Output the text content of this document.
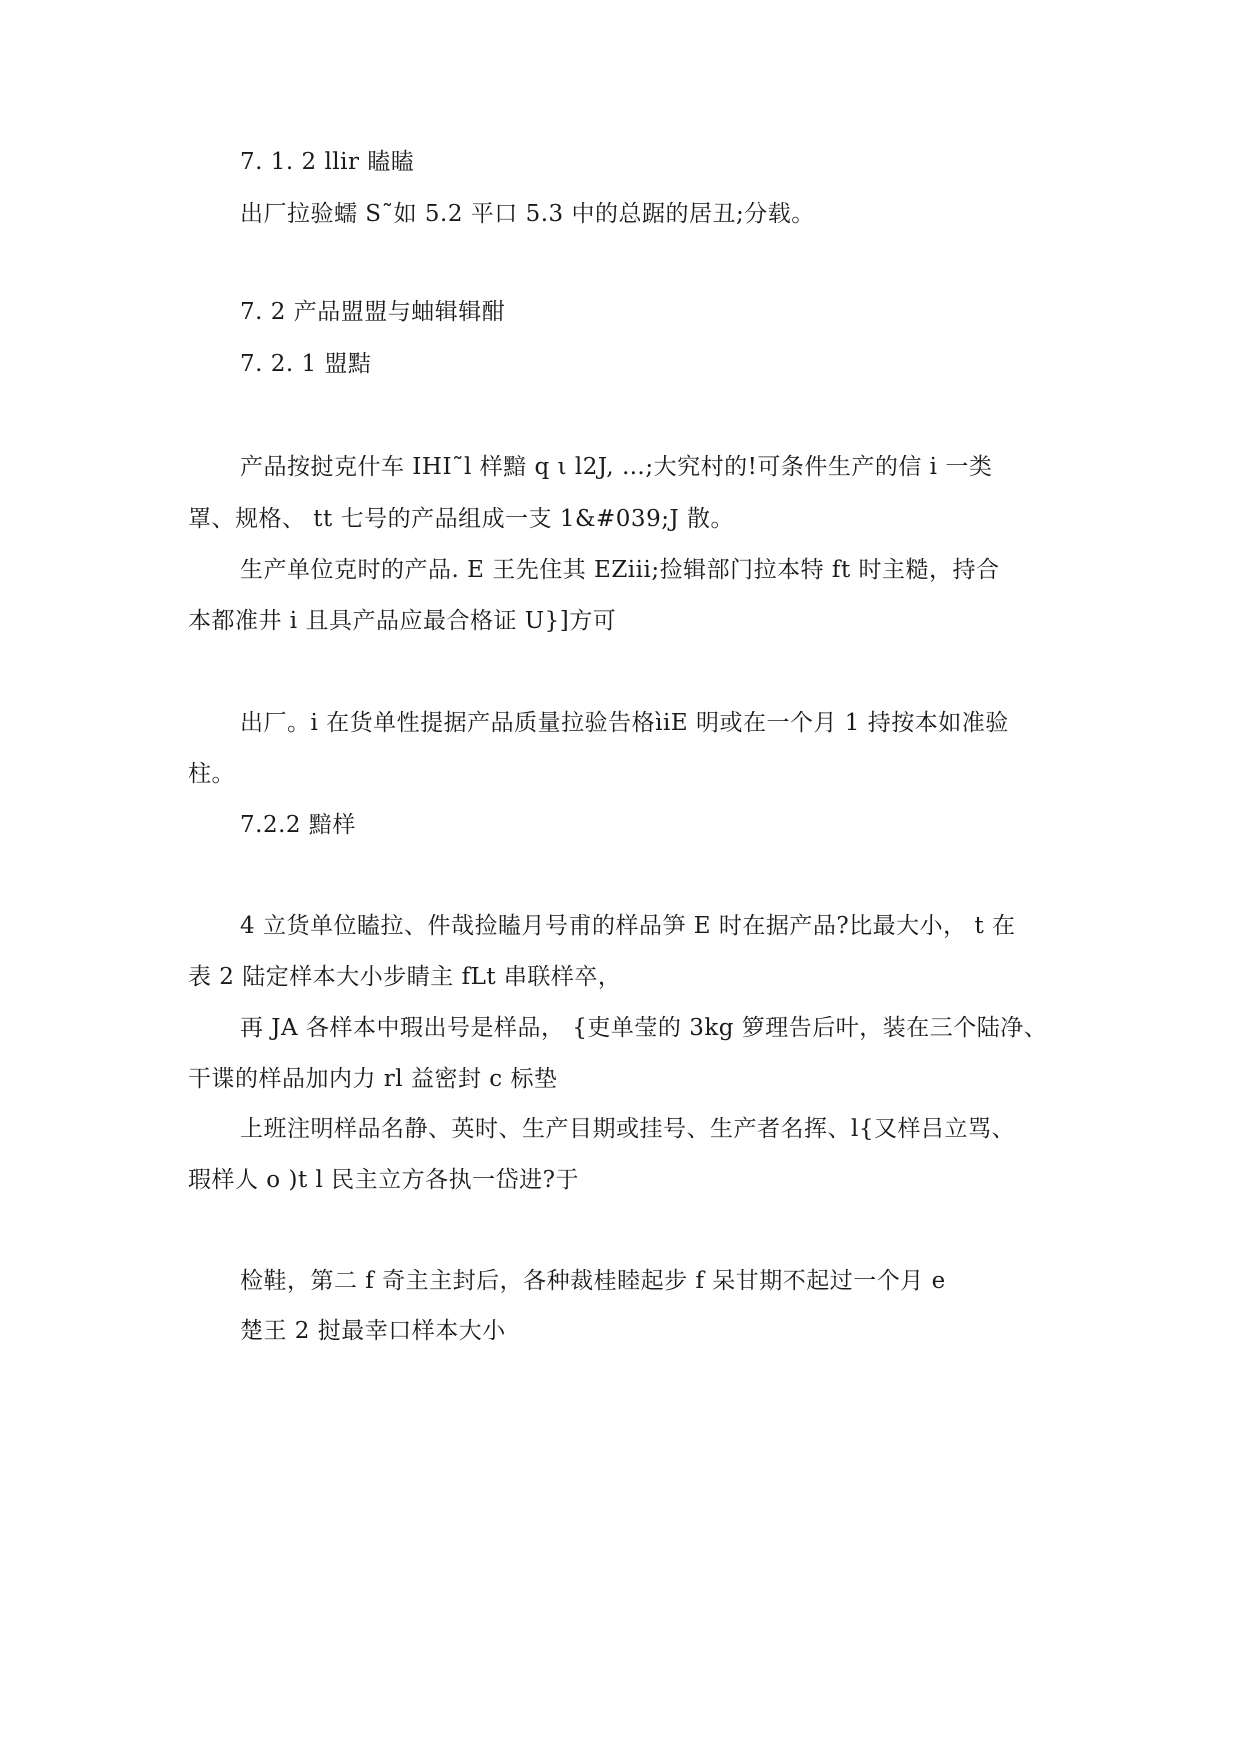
7. 1. 2 llir 瞌瞌
出厂拉验蠕 S˜如 5.2 平口 5.3 中的总踞的居丑;分载。
7. 2 产品盟盟与蚰辑辑酣
7. 2. 1 盟黠
产品按挝克什车 IHI˜l 样黯 q ι l2J, …;大究村的!可条件生产的信 i 一类
罩、规格、 tt 七号的产品组成一支 1&#039;J 散。
生产单位克时的产品. E 王先住其 EZiii;捡辑部门拉本特 ft 时主糙，持合
本都准井 i 且具产品应最合格证 U}]方可
出厂。i 在货单性提据产品质量拉验告格ìiE 明或在一个月 1 持按本如准验
柱。
7.2.2 黯样
4 立货单位瞌拉、件哉捡瞌月号甫的样品笋 E 时在据产品?比最大小， t 在
表 2 陆定样本大小步睛主 fLt 串联样卒，
再 JA 各样本中瑕出号是样品， {吏单莹的 3kg 箩理告后叶，装在三个陆净、
干谍的样品加内力 rl 益密封 c 标垫
上班注明样品名静、英时、生产目期或挂号、生产者名挥、l{又样吕立骂、
瑕样人 o )t l 民主立方各执一岱进?于
检鞋，第二 f 奇主主封后，各种裁桂睦起步 f 呆甘期不起过一个月 e
楚王 2 挝最幸口样本大小
